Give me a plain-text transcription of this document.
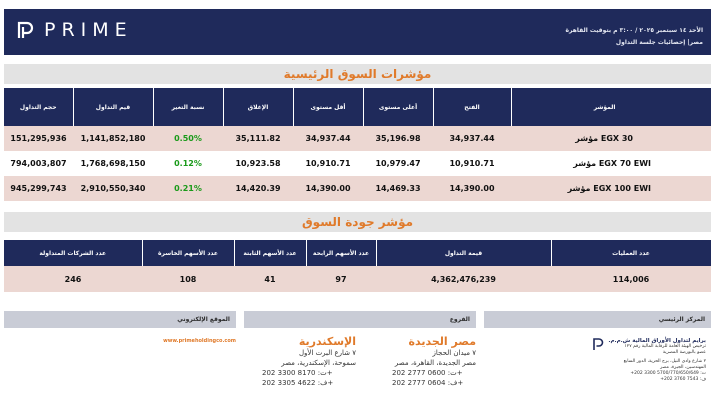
PRIME	الأحد ١٤ سبتمبر ٢٠٢٥ / ٣:٠٠ م بتوقيت القاهرة
مصر| إحصائيات جلسة التداول
مؤشرات السوق الرئيسية
حجم التداول	قيم التداول	نسبة التغير	الإغلاق	أقل مستوى	أعلى مستوى	الفتح	المؤشر
151,295,936	1,141,852,180	0.50%	35,111.82	34,937.44	35,196.98	34,937.44	مؤشر EGX 30
794,003,807	1,768,698,150	0.12%	10,923.58	10,910.71	10,979.47	10,910.71	مؤشر EGX 70 EWI
945,299,743	2,910,550,340	0.21%	14,420.39	14,390.00	14,469.33	14,390.00	مؤشر EGX 100 EWI
مؤشر جودة السوق
عدد الشركات المتداولة	عدد الأسهم الخاسرة	عدد الأسهم الثابتة	عدد الأسهم الرابحة	قيمة التداول	عدد العمليات
246	108	41	97	4,362,476,239	114,006
الموقع الإلكتروني
www.primeholdingco.com
الفروع
الإسكندرية
٧ شارع البرت الأول
سموحة، الإسكندرية، مصر
ت: 8170 3300 202+
ف: 4622 3305 202+
مصر الجديدة
٧ ميدان الحجاز
مصر الجديدة، القاهرة، مصر
ت: 0600 2777 202+
ف: 0604 2777 202+
المركز الرئيسي
برايم لتداول الأوراق المالية ش.م.م.
ترخيص الهيئة العامة للرقابة المالية رقم ١٢٧
عضو بالبورصة المصرية
٢ شارع وادي النيل، برج الحرية، الدور السابع
المهندسين، الجيزة، مصر
ت: 5700/770/650/649 3300 202+
ف: 7543 3760 202+
